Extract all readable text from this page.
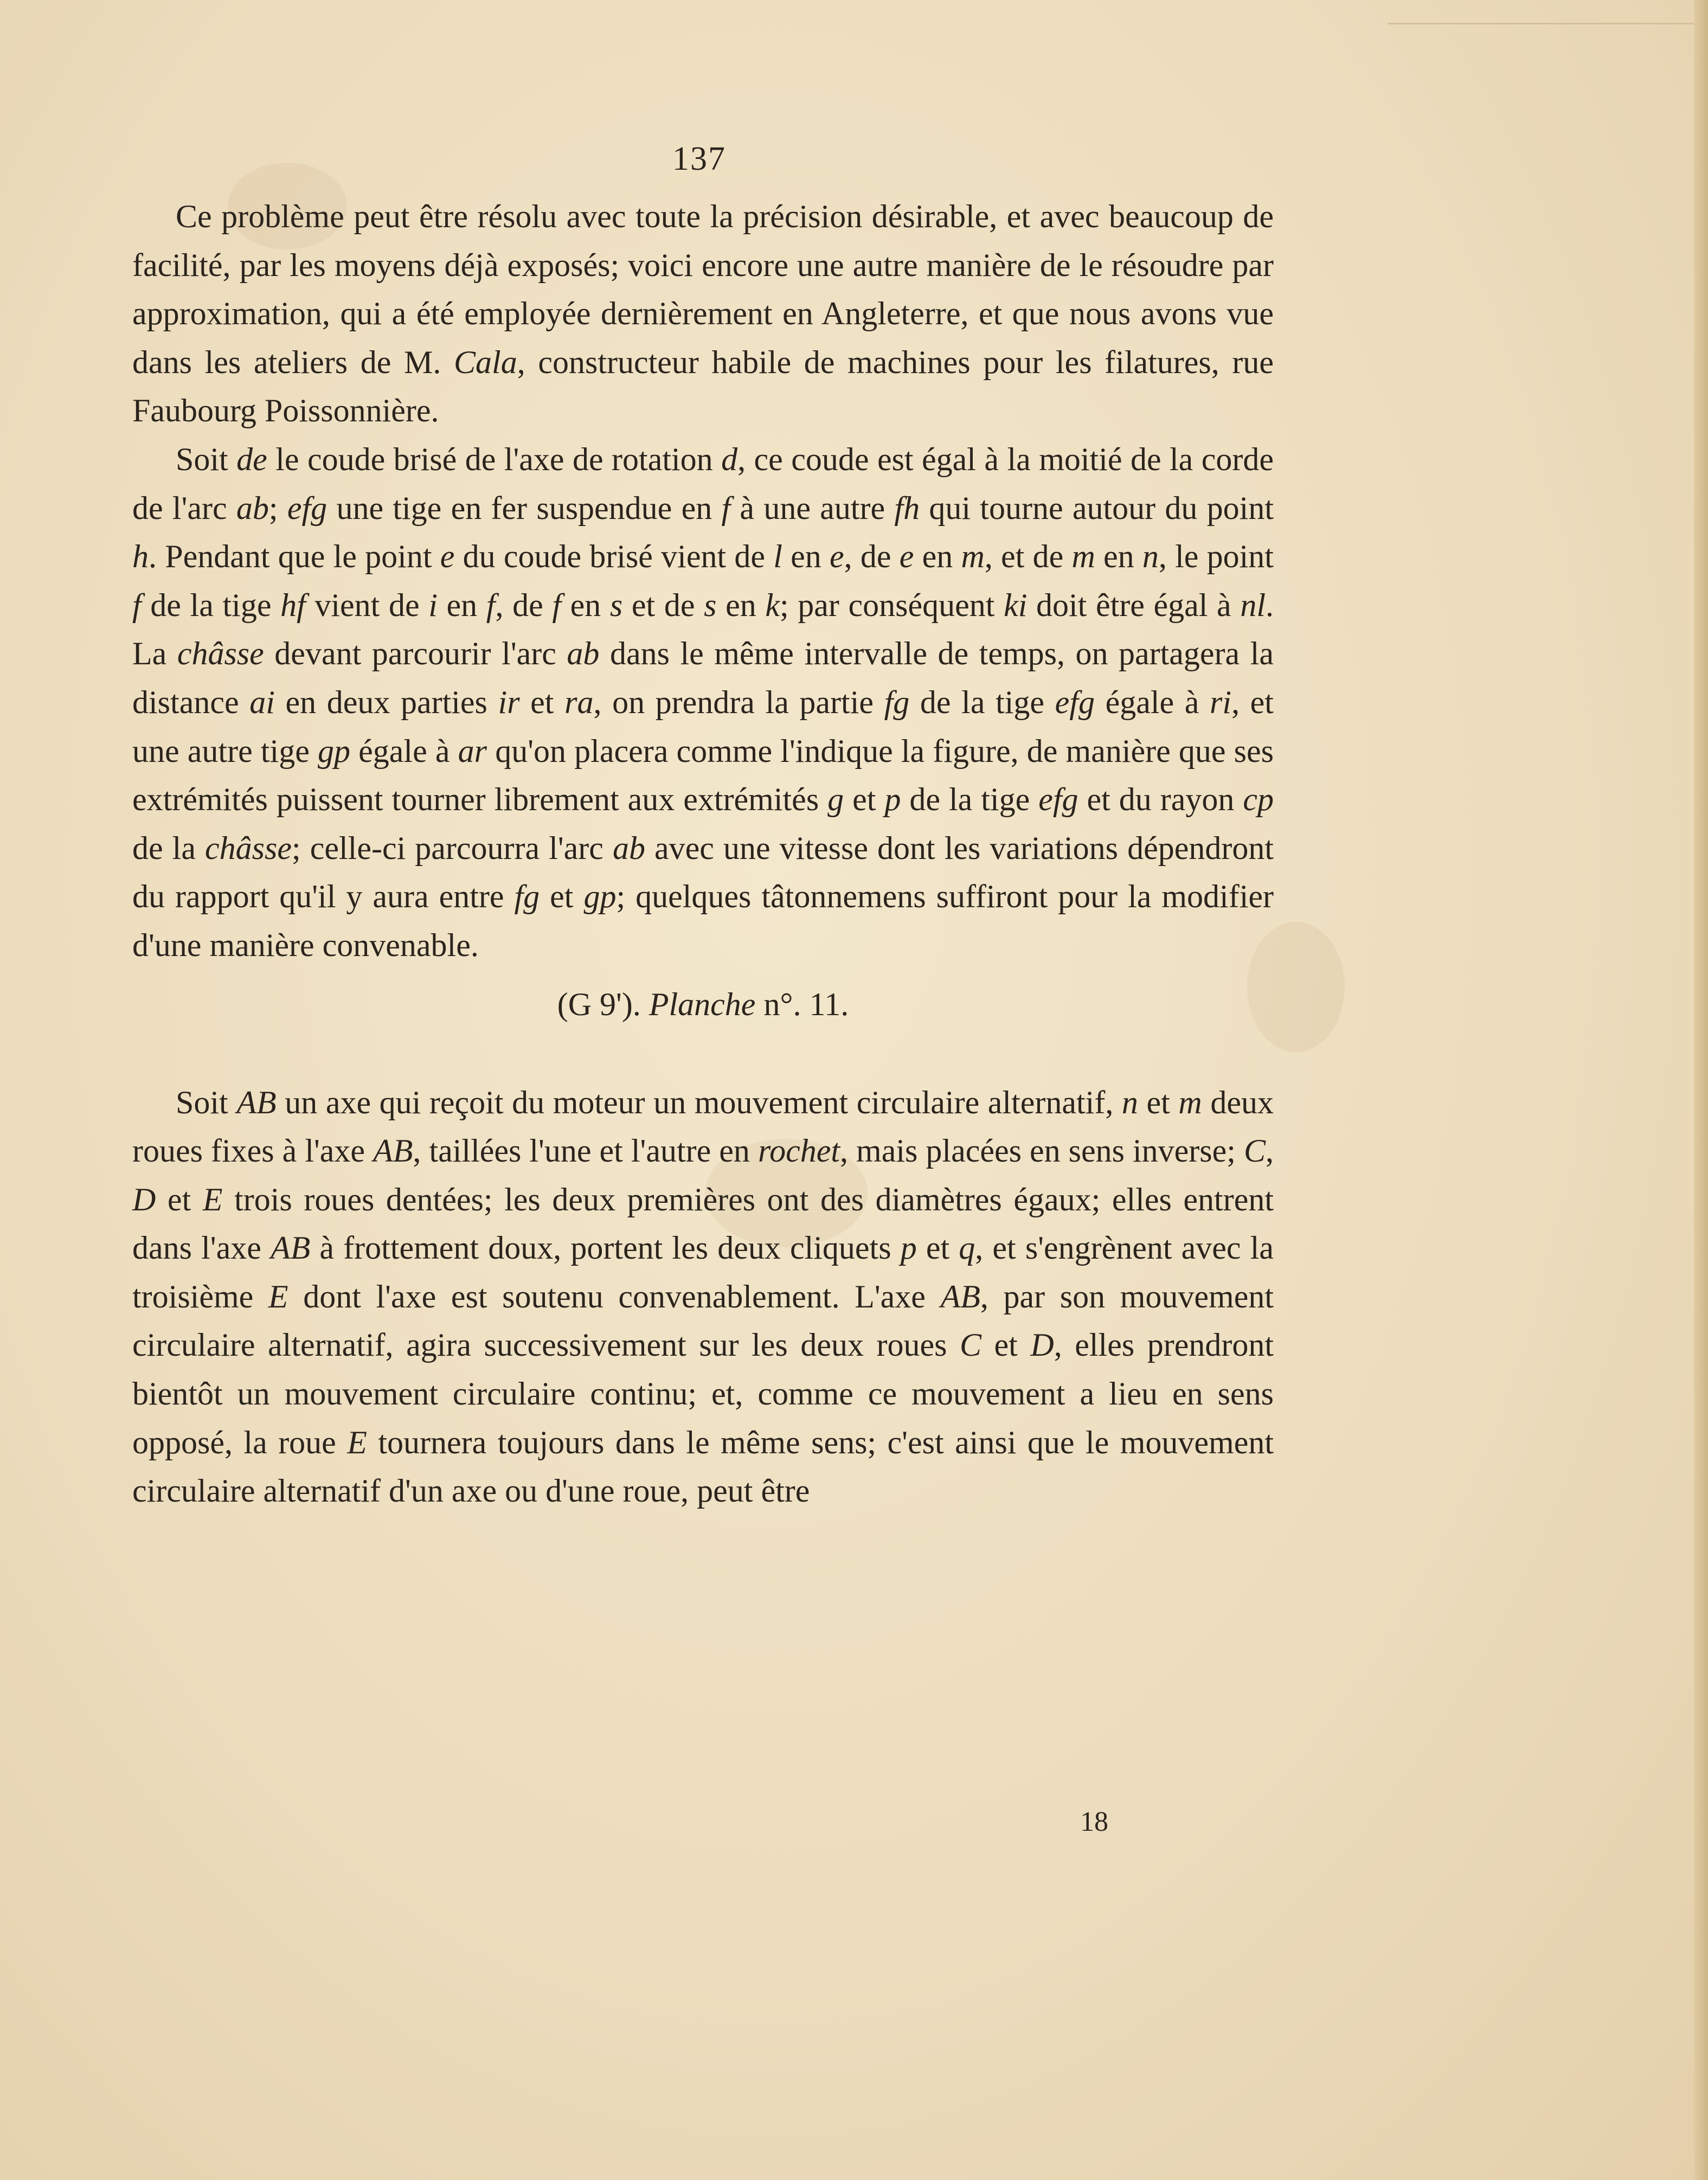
137

Ce problème peut être résolu avec toute la précision désirable, et avec beaucoup de facilité, par les moyens déjà exposés; voici encore une autre manière de le résoudre par approximation, qui a été employée dernièrement en Angleterre, et que nous avons vue dans les ateliers de M. Cala, constructeur habile de machines pour les filatures, rue Faubourg Poissonnière.

Soit de le coude brisé de l'axe de rotation d, ce coude est égal à la moitié de la corde de l'arc ab; efg une tige en fer suspendue en f à une autre fh qui tourne autour du point h. Pendant que le point e du coude brisé vient de l en e, de e en m, et de m en n, le point f de la tige hf vient de i en f, de f en s et de s en k; par conséquent ki doit être égal à nl. La châsse devant parcourir l'arc ab dans le même intervalle de temps, on partagera la distance ai en deux parties ir et ra, on prendra la partie fg de la tige efg égale à ri, et une autre tige gp égale à ar qu'on placera comme l'indique la figure, de manière que ses extrémités puissent tourner librement aux extrémités g et p de la tige efg et du rayon cp de la châsse; celle-ci parcourra l'arc ab avec une vitesse dont les variations dépendront du rapport qu'il y aura entre fg et gp; quelques tâtonnemens suffiront pour la modifier d'une manière convenable.

(G 9'). Planche n°. 11.

Soit AB un axe qui reçoit du moteur un mouvement circulaire alternatif, n et m deux roues fixes à l'axe AB, taillées l'une et l'autre en rochet, mais placées en sens inverse; C, D et E trois roues dentées; les deux premières ont des diamètres égaux; elles entrent dans l'axe AB à frottement doux, portent les deux cliquets p et q, et s'engrènent avec la troisième E dont l'axe est soutenu convenablement. L'axe AB, par son mouvement circulaire alternatif, agira successivement sur les deux roues C et D, elles prendront bientôt un mouvement circulaire continu; et, comme ce mouvement a lieu en sens opposé, la roue E tournera toujours dans le même sens; c'est ainsi que le mouvement circulaire alternatif d'un axe ou d'une roue, peut être

18
